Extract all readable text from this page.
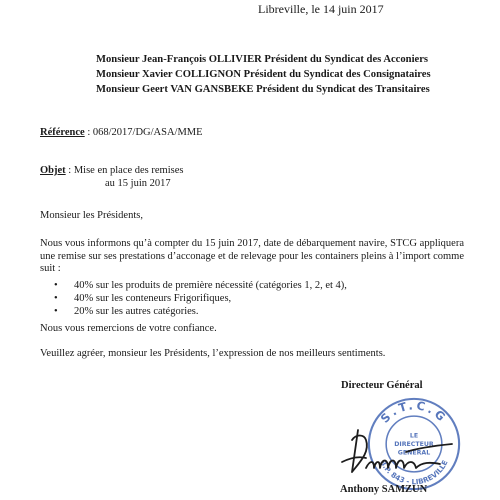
Libreville, le 14 juin 2017
Monsieur Jean-François OLLIVIER Président du Syndicat des Acconiers
Monsieur Xavier COLLIGNON Président du Syndicat des Consignataires
Monsieur Geert VAN GANSBEKE Président du Syndicat des Transitaires
Référence : 068/2017/DG/ASA/MME
Objet : Mise en place des remises
au 15 juin 2017
Monsieur les Présidents,
Nous vous informons qu’à compter du 15 juin 2017, date de débarquement navire, STCG appliquera une remise sur ses prestations d’acconage et de relevage pour les containers pleins à l’import comme suit :
• 40% sur les produits de première nécessité (catégories 1, 2, et 4),
• 40% sur les conteneurs Frigorifiques,
• 20% sur les autres catégories.
Nous vous remercions de votre confiance.
Veuillez agréer, monsieur les Présidents, l’expression de nos meilleurs sentiments.
Directeur Général
S.T.C.G
B.P. 843 - LIBREVILLE
LE
DIRECTEUR
GENERAL
Anthony SAMZUN
